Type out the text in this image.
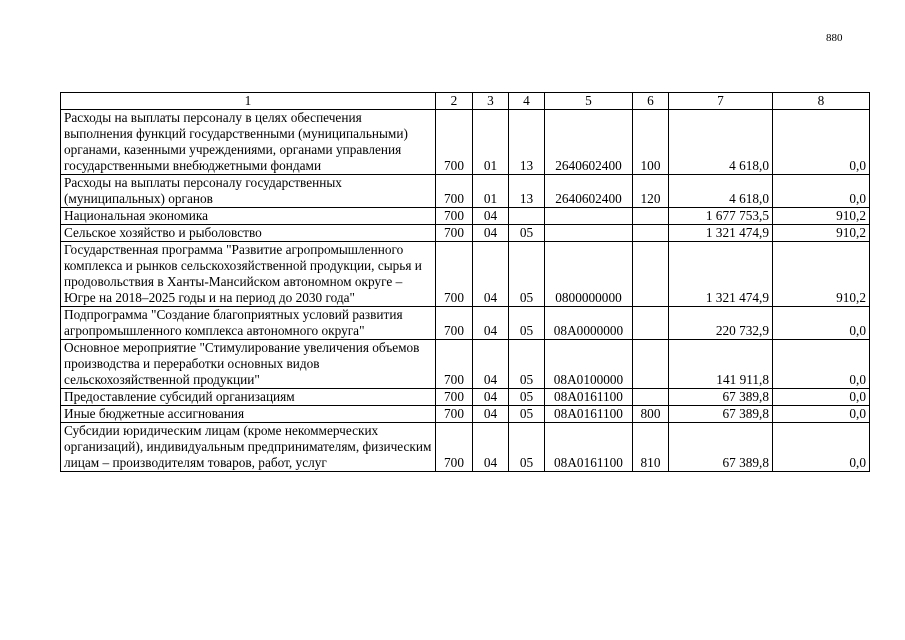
880
1	2	3	4	5	6	7	8
Расходы на выплаты персоналу в целях обеспечения выполнения функций государственными (муниципальными) органами, казенными учреждениями, органами управления государственными внебюджетными фондами	700	01	13	2640602400	100	4 618,0	0,0
Расходы на выплаты персоналу государственных (муниципальных) органов	700	01	13	2640602400	120	4 618,0	0,0
Национальная экономика	700	04				1 677 753,5	910,2
Сельское хозяйство и рыболовство	700	04	05			1 321 474,9	910,2
Государственная программа "Развитие агропромышленного комплекса и рынков сельскохозяйственной продукции, сырья и продовольствия в Ханты-Мансийском автономном округе – Югре на 2018–2025 годы и на период до 2030 года"	700	04	05	0800000000		1 321 474,9	910,2
Подпрограмма "Создание благоприятных условий развития агропромышленного комплекса автономного округа"	700	04	05	08А0000000		220 732,9	0,0
Основное мероприятие "Стимулирование увеличения объемов производства и переработки основных видов сельскохозяйственной продукции"	700	04	05	08А0100000		141 911,8	0,0
Предоставление субсидий организациям	700	04	05	08А0161100		67 389,8	0,0
Иные бюджетные ассигнования	700	04	05	08А0161100	800	67 389,8	0,0
Субсидии юридическим лицам (кроме некоммерческих организаций), индивидуальным предпринимателям, физическим лицам – производителям товаров, работ, услуг	700	04	05	08А0161100	810	67 389,8	0,0
